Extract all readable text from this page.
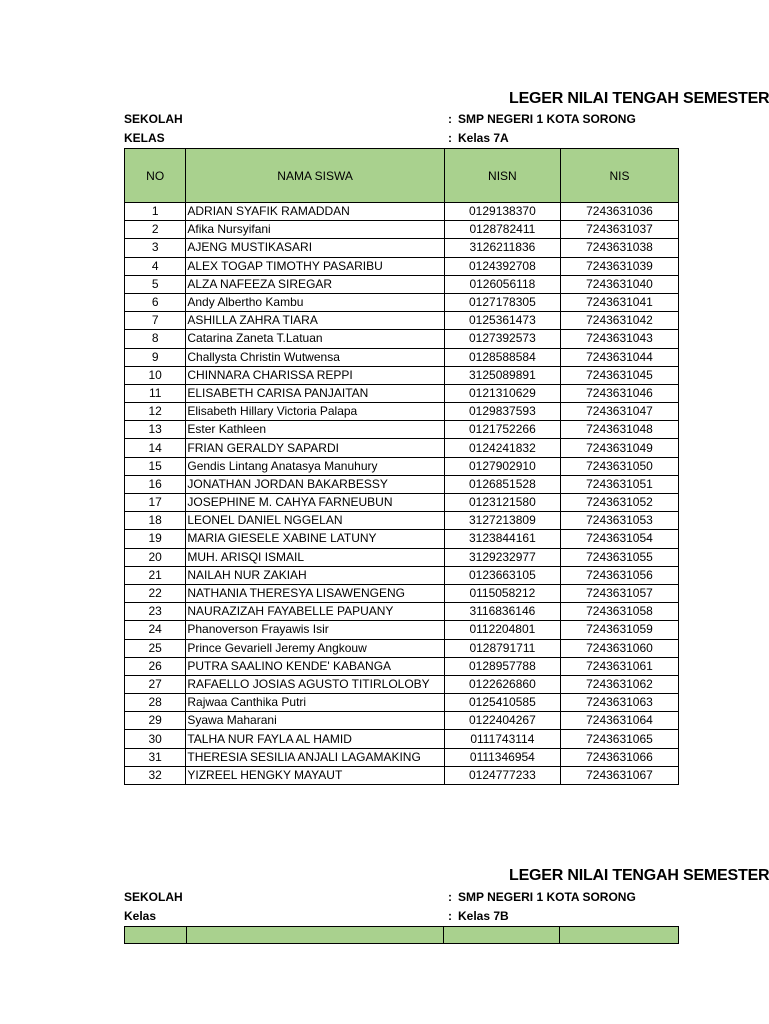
LEGER NILAI TENGAH SEMESTER
SEKOLAH	: SMP NEGERI 1 KOTA SORONG
KELAS	: Kelas 7A
NO	NAMA SISWA	NISN	NIS
1	ADRIAN SYAFIK RAMADDAN	0129138370	7243631036
2	Afika Nursyifani	0128782411	7243631037
3	AJENG MUSTIKASARI	3126211836	7243631038
4	ALEX TOGAP TIMOTHY PASARIBU	0124392708	7243631039
5	ALZA NAFEEZA SIREGAR	0126056118	7243631040
6	Andy Albertho Kambu	0127178305	7243631041
7	ASHILLA ZAHRA TIARA	0125361473	7243631042
8	Catarina Zaneta T.Latuan	0127392573	7243631043
9	Challysta Christin Wutwensa	0128588584	7243631044
10	CHINNARA CHARISSA REPPI	3125089891	7243631045
11	ELISABETH CARISA PANJAITAN	0121310629	7243631046
12	Elisabeth Hillary Victoria Palapa	0129837593	7243631047
13	Ester Kathleen	0121752266	7243631048
14	FRIAN GERALDY SAPARDI	0124241832	7243631049
15	Gendis Lintang Anatasya Manuhury	0127902910	7243631050
16	JONATHAN JORDAN BAKARBESSY	0126851528	7243631051
17	JOSEPHINE M. CAHYA FARNEUBUN	0123121580	7243631052
18	LEONEL DANIEL NGGELAN	3127213809	7243631053
19	MARIA GIESELE XABINE LATUNY	3123844161	7243631054
20	MUH. ARISQI ISMAIL	3129232977	7243631055
21	NAILAH NUR ZAKIAH	0123663105	7243631056
22	NATHANIA THERESYA LISAWENGENG	0115058212	7243631057
23	NAURAZIZAH FAYABELLE PAPUANY	3116836146	7243631058
24	Phanoverson Frayawis Isir	0112204801	7243631059
25	Prince Gevariell Jeremy Angkouw	0128791711	7243631060
26	PUTRA SAALINO KENDE' KABANGA	0128957788	7243631061
27	RAFAELLO JOSIAS AGUSTO TITIRLOLOBY	0122626860	7243631062
28	Rajwaa Canthika Putri	0125410585	7243631063
29	Syawa Maharani	0122404267	7243631064
30	TALHA NUR FAYLA AL HAMID	0111743114	7243631065
31	THERESIA SESILIA ANJALI LAGAMAKING	0111346954	7243631066
32	YIZREEL HENGKY MAYAUT	0124777233	7243631067
LEGER NILAI TENGAH SEMESTER
SEKOLAH	: SMP NEGERI 1 KOTA SORONG
Kelas	: Kelas 7B
